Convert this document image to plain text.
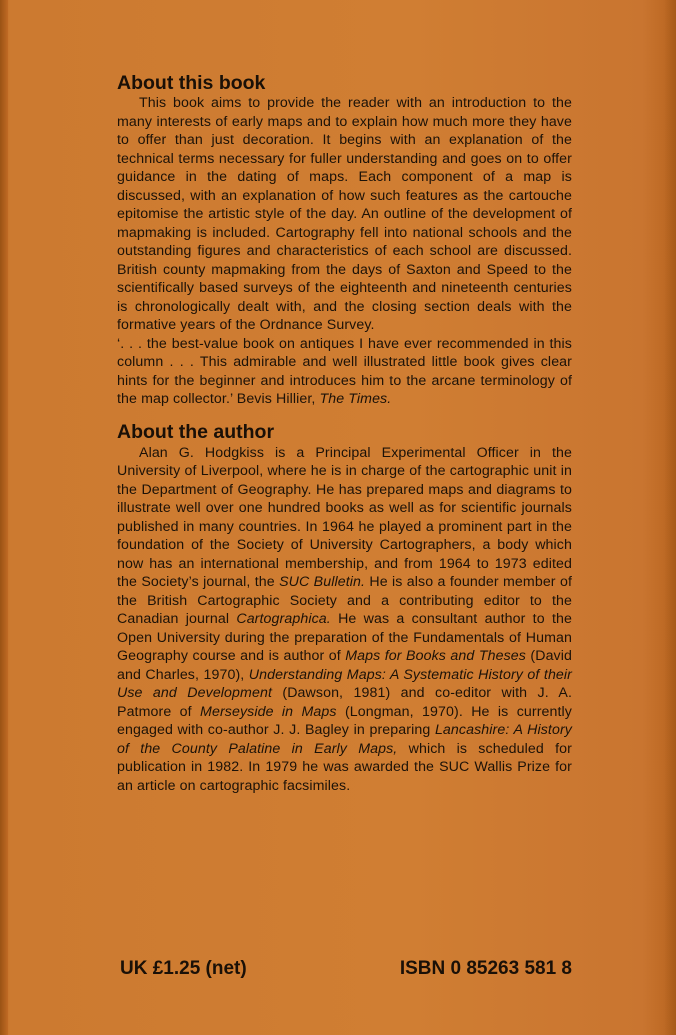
About this book

This book aims to provide the reader with an introduction to the many interests of early maps and to explain how much more they have to offer than just decoration. It begins with an explanation of the technical terms necessary for fuller understanding and goes on to offer guidance in the dating of maps. Each component of a map is discussed, with an explanation of how such features as the cartouche epitomise the artistic style of the day. An outline of the development of mapmaking is included. Cartography fell into national schools and the outstanding figures and characteristics of each school are discussed. British county mapmaking from the days of Saxton and Speed to the scientifically based surveys of the eighteenth and nineteenth centuries is chronologically dealt with, and the closing section deals with the formative years of the Ordnance Survey.

‘. . . the best-value book on antiques I have ever recommended in this column . . . This admirable and well illustrated little book gives clear hints for the beginner and introduces him to the arcane terminology of the map collector.’ Bevis Hillier, The Times.

About the author

Alan G. Hodgkiss is a Principal Experimental Officer in the University of Liverpool, where he is in charge of the cartographic unit in the Department of Geography. He has prepared maps and diagrams to illustrate well over one hundred books as well as for scientific journals published in many countries. In 1964 he played a prominent part in the foundation of the Society of University Cartographers, a body which now has an international membership, and from 1964 to 1973 edited the Society’s journal, the SUC Bulletin. He is also a founder member of the British Cartographic Society and a contributing editor to the Canadian journal Cartographica. He was a consultant author to the Open University during the preparation of the Fundamentals of Human Geography course and is author of Maps for Books and Theses (David and Charles, 1970), Understanding Maps: A Systematic History of their Use and Development (Dawson, 1981) and co-editor with J. A. Patmore of Merseyside in Maps (Longman, 1970). He is currently engaged with co-author J. J. Bagley in preparing Lancashire: A History of the County Palatine in Early Maps, which is scheduled for publication in 1982. In 1979 he was awarded the SUC Wallis Prize for an article on cartographic facsimiles.

UK £1.25 (net)	ISBN 0 85263 581 8
